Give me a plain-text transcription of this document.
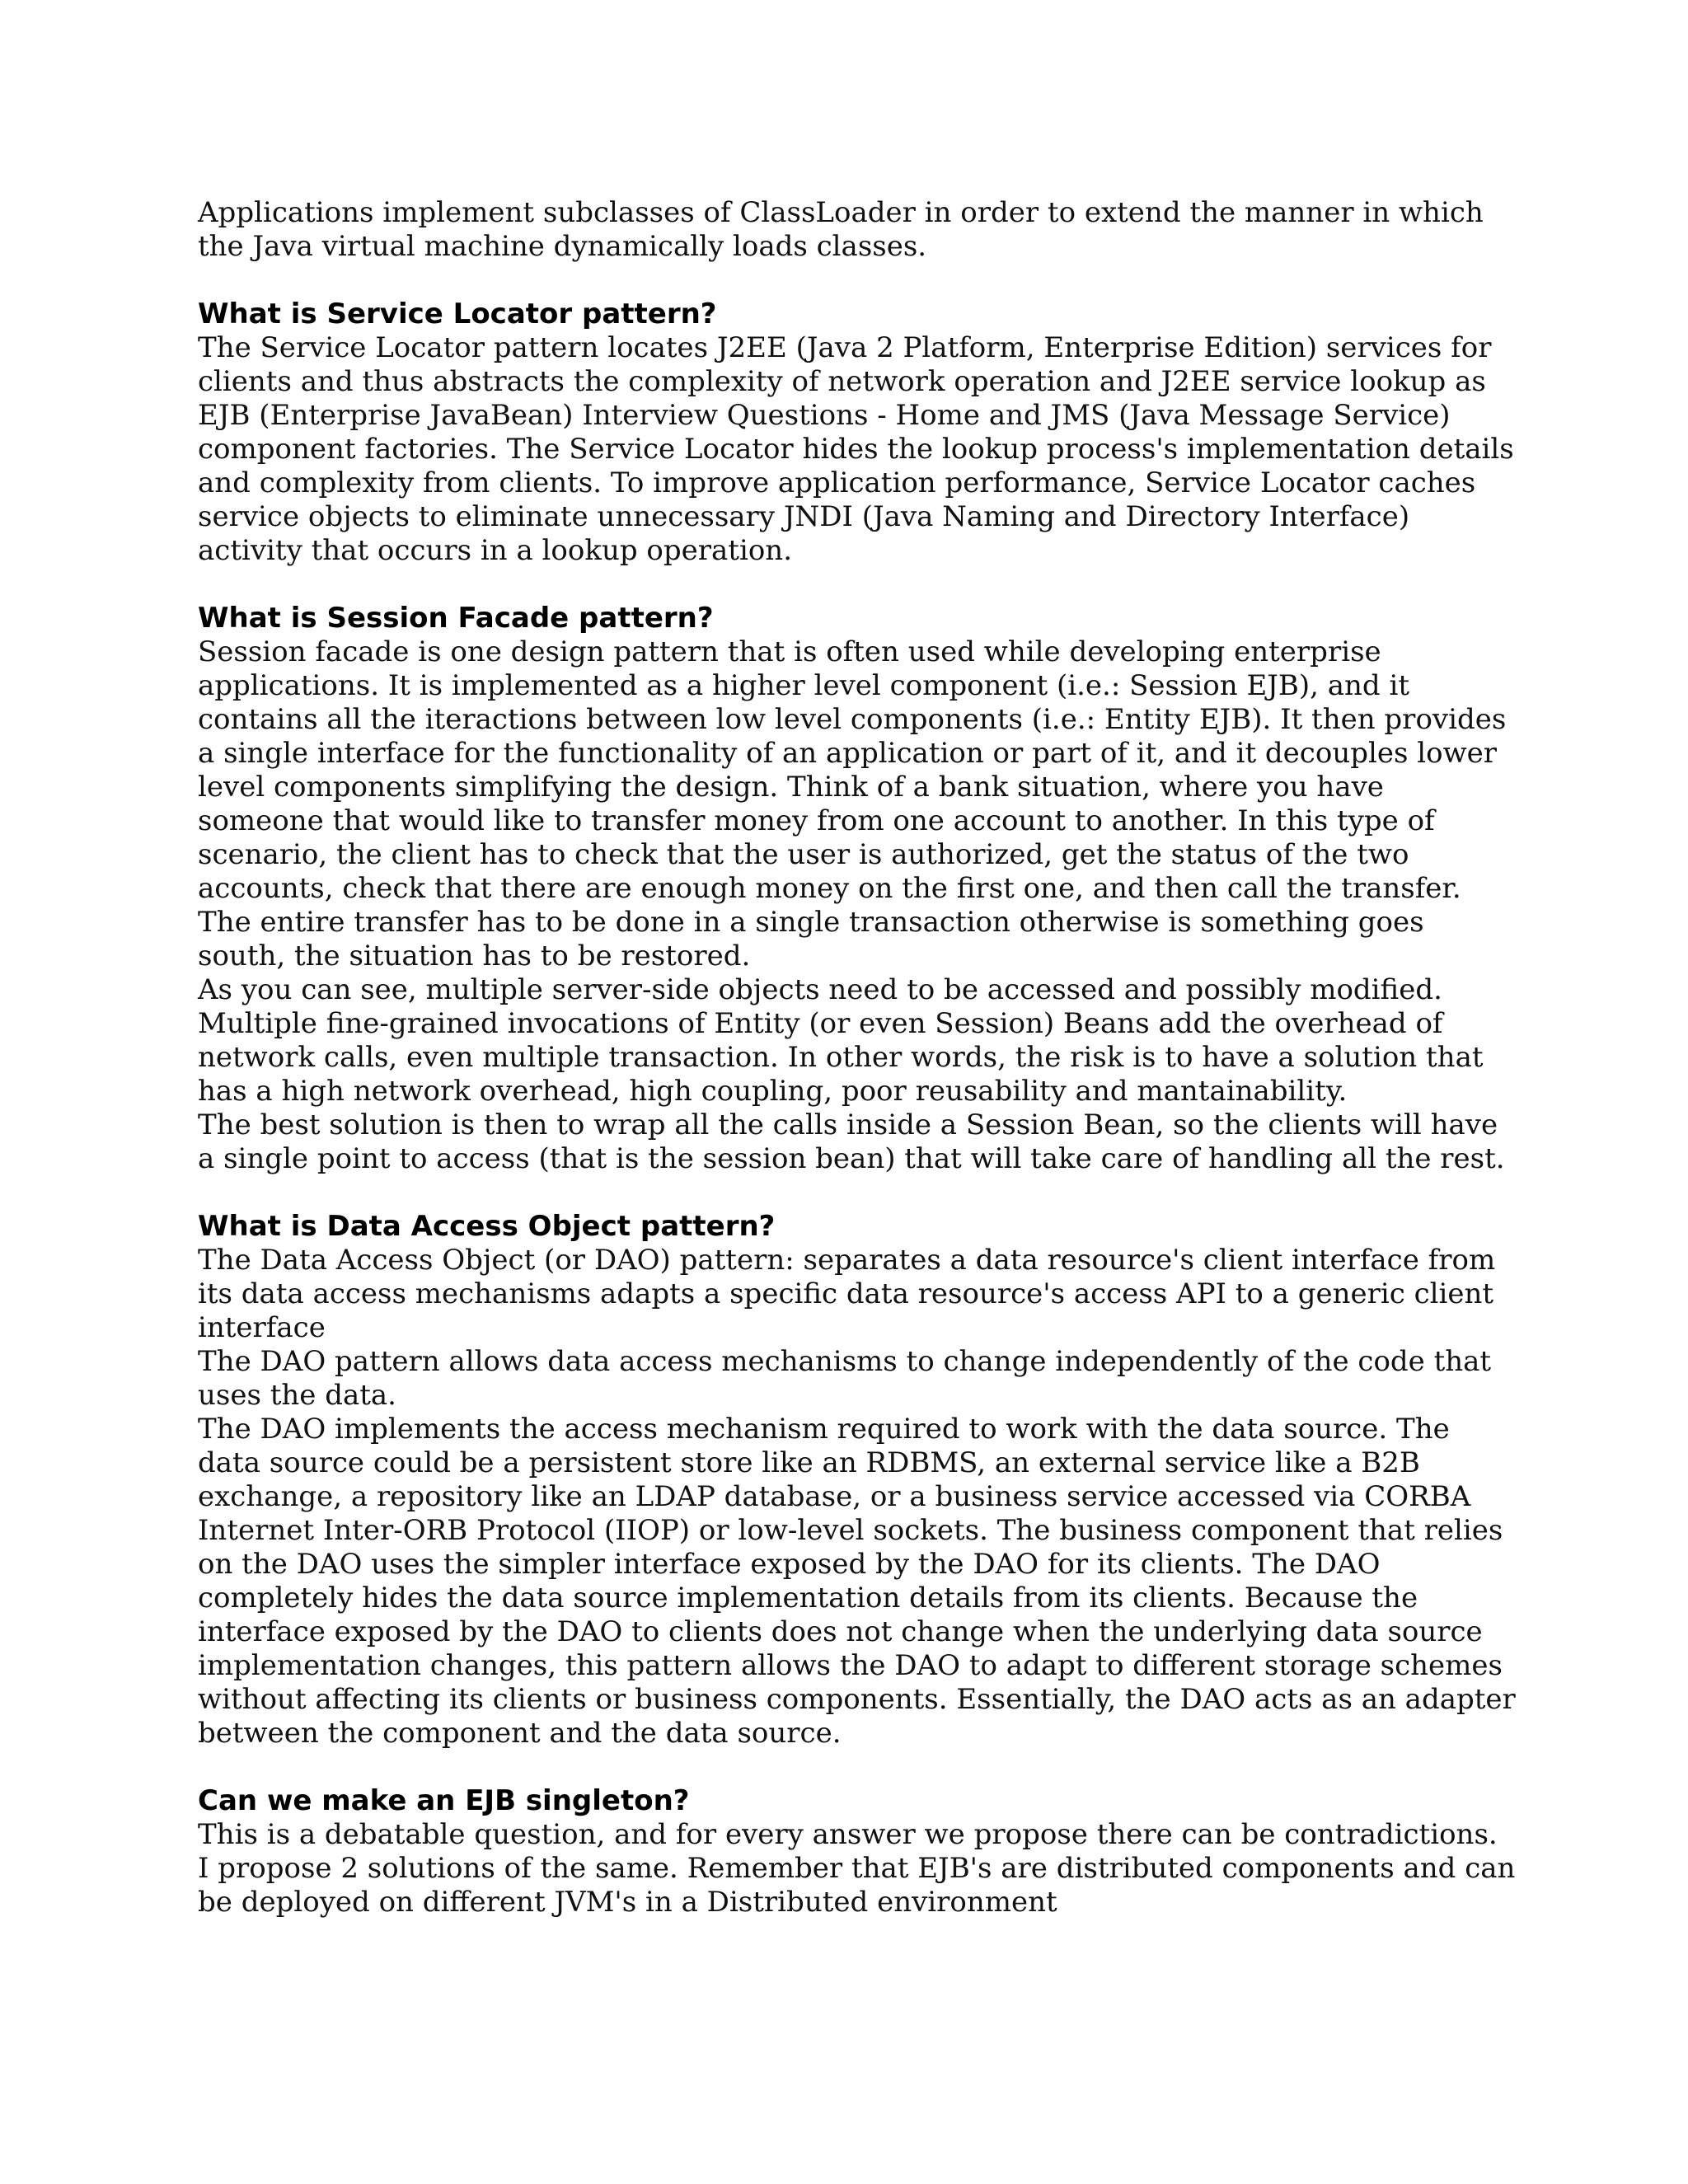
Applications implement subclasses of ClassLoader in order to extend the manner in which the Java virtual machine dynamically loads classes.

What is Service Locator pattern?

The Service Locator pattern locates J2EE (Java 2 Platform, Enterprise Edition) services for clients and thus abstracts the complexity of network operation and J2EE service lookup as EJB (Enterprise JavaBean) Interview Questions - Home and JMS (Java Message Service) component factories. The Service Locator hides the lookup process's implementation details and complexity from clients. To improve application performance, Service Locator caches service objects to eliminate unnecessary JNDI (Java Naming and Directory Interface) activity that occurs in a lookup operation.

What is Session Facade pattern?

Session facade is one design pattern that is often used while developing enterprise applications. It is implemented as a higher level component (i.e.: Session EJB), and it contains all the iteractions between low level components (i.e.: Entity EJB). It then provides a single interface for the functionality of an application or part of it, and it decouples lower level components simplifying the design. Think of a bank situation, where you have someone that would like to transfer money from one account to another. In this type of scenario, the client has to check that the user is authorized, get the status of the two accounts, check that there are enough money on the first one, and then call the transfer. The entire transfer has to be done in a single transaction otherwise is something goes south, the situation has to be restored.

As you can see, multiple server-side objects need to be accessed and possibly modified. Multiple fine-grained invocations of Entity (or even Session) Beans add the overhead of network calls, even multiple transaction. In other words, the risk is to have a solution that has a high network overhead, high coupling, poor reusability and mantainability.

The best solution is then to wrap all the calls inside a Session Bean, so the clients will have a single point to access (that is the session bean) that will take care of handling all the rest.

What is Data Access Object pattern?

The Data Access Object (or DAO) pattern: separates a data resource's client interface from its data access mechanisms adapts a specific data resource's access API to a generic client interface

The DAO pattern allows data access mechanisms to change independently of the code that uses the data.

The DAO implements the access mechanism required to work with the data source. The data source could be a persistent store like an RDBMS, an external service like a B2B exchange, a repository like an LDAP database, or a business service accessed via CORBA Internet Inter-ORB Protocol (IIOP) or low-level sockets. The business component that relies on the DAO uses the simpler interface exposed by the DAO for its clients. The DAO completely hides the data source implementation details from its clients. Because the interface exposed by the DAO to clients does not change when the underlying data source implementation changes, this pattern allows the DAO to adapt to different storage schemes without affecting its clients or business components. Essentially, the DAO acts as an adapter between the component and the data source.

Can we make an EJB singleton?

This is a debatable question, and for every answer we propose there can be contradictions. I propose 2 solutions of the same. Remember that EJB's are distributed components and can be deployed on different JVM's in a Distributed environment
